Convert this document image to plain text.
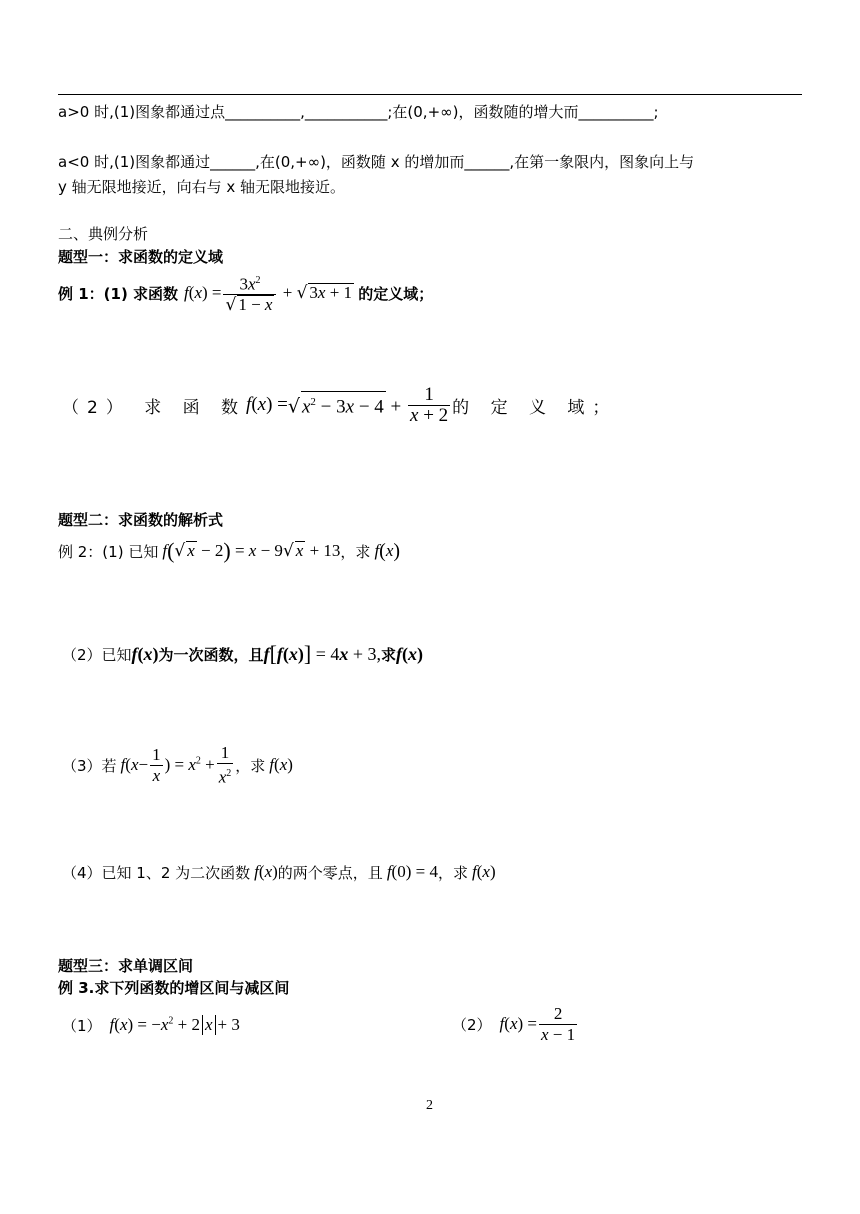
a>0 时,(1)图象都通过点__________,___________;在(0,+∞)，函数随的增大而__________;
a<0 时,(1)图象都通过______,在(0,+∞)，函数随 x 的增加而______,在第一象限内，图象向上与
y 轴无限地接近，向右与 x 轴无限地接近。
二、典例分析
题型一：求函数的定义域
例 1：(1) 求函数 f ( x ) = $\frac{3x^2}{√ 1 - x}$ + √ 3x + 1 的定义域；
（2） 求 函 数 f ( x ) = √ $x^2 - 3x - 4 + \frac{1}{x + 2}$ 的 定 义 域；
题型二：求函数的解析式
例 2：(1) 已知 f ( √ x − 2 ) = x − 9√ x + 13 ，求 f ( x )
（2）已知 f ( x ) 为一次函数，且 f [ f ( x ) ] = 4x + 3, 求 f ( x )
（3）若 f ( $x - \frac{1}{x}$ ) = $x^2 + \frac{1}{x^2}$ ，求 f ( x )
（4）已知 1、2 为二次函数 f ( x ) 的两个零点，且 f (0) = 4 ，求 f ( x )
题型三：求单调区间
例 3.求下列函数的增区间与减区间
（1） f ( x ) = $-x^2 + 2$ x + 3	（2） f ( x ) = $\frac{2}{x - 1}$
2
